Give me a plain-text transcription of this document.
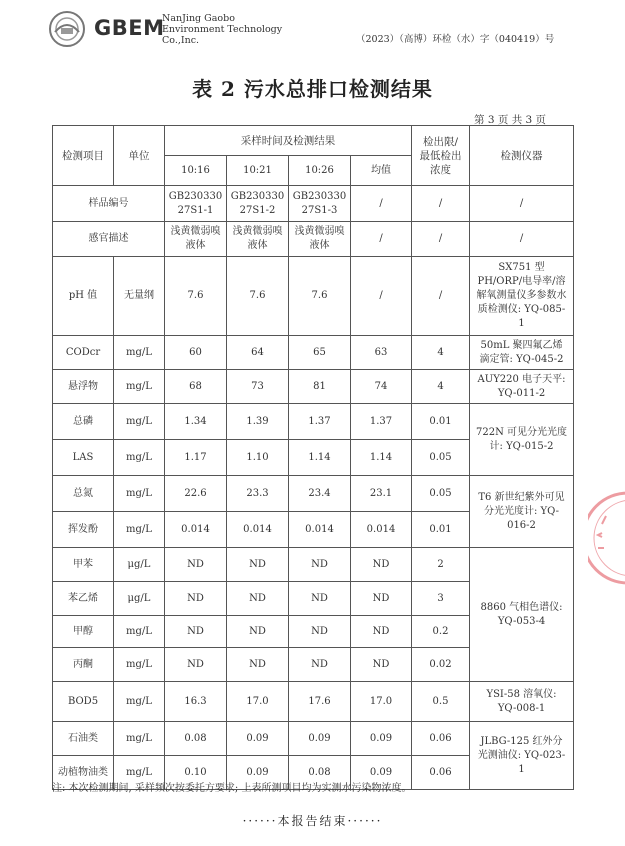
GBEM
NanJing Gaobo
Environment Technology
Co.,Inc.	（2023）（高博）环检（水）字（040419）号
表 2 污水总排口检测结果
第 3 页 共 3 页
检测项目	单位	采样时间及检测结果				检出限/最低检出浓度	检测仪器
		10:16	10:21	10:26	均值		
样品编号		GB23033027S1-1	GB23033027S1-2	GB23033027S1-3	/	/	/
感官描述		浅黄微弱嗅液体	浅黄微弱嗅液体	浅黄微弱嗅液体	/	/	/
pH 值	无量纲	7.6	7.6	7.6	/	/	SX751 型 PH/ORP/电导率/溶解氧测量仪多参数水质检测仪: YQ-085-1
CODcr	mg/L	60	64	65	63	4	50mL 聚四氟乙烯滴定管: YQ-045-2
悬浮物	mg/L	68	73	81	74	4	AUY220 电子天平: YQ-011-2
总磷	mg/L	1.34	1.39	1.37	1.37	0.01	722N 可见分光光度计: YQ-015-2
LAS	mg/L	1.17	1.10	1.14	1.14	0.05	
总氮	mg/L	22.6	23.3	23.4	23.1	0.05	T6 新世纪紫外可见分光光度计: YQ-016-2
挥发酚	mg/L	0.014	0.014	0.014	0.014	0.01	
甲苯	μg/L	ND	ND	ND	ND	2	8860 气相色谱仪: YQ-053-4
苯乙烯	μg/L	ND	ND	ND	ND	3	
甲醇	mg/L	ND	ND	ND	ND	0.2	
丙酮	mg/L	ND	ND	ND	ND	0.02	
BOD5	mg/L	16.3	17.0	17.6	17.0	0.5	YSI-58 溶氧仪: YQ-008-1
石油类	mg/L	0.08	0.09	0.09	0.09	0.06	JLBG-125 红外分光测油仪: YQ-023-1
动植物油类	mg/L	0.10	0.09	0.08	0.09	0.06	
注: 本次检测期间, 采样频次按委托方要求; 上表所测项目均为实测水污染物浓度。
······本报告结束······
